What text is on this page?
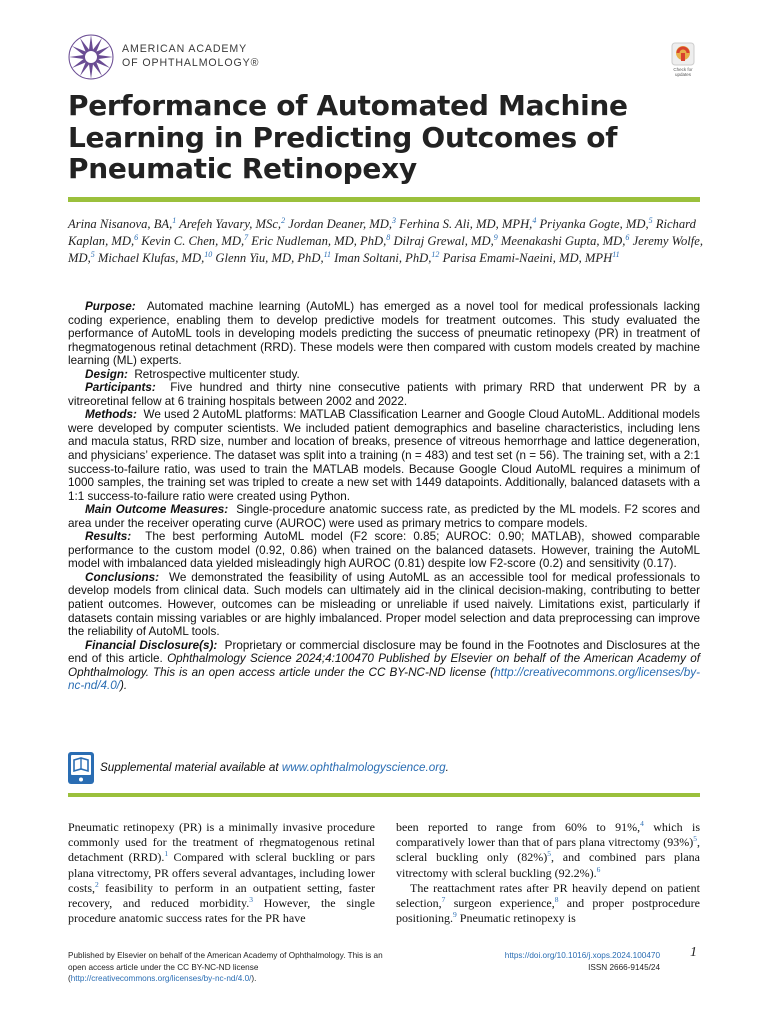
AMERICAN ACADEMY
OF OPHTHALMOLOGY®
Check for updates
Performance of Automated Machine Learning in Predicting Outcomes of Pneumatic Retinopexy
Arina Nisanova, BA,$^1$ Arefeh Yavary, MSc,$^2$ Jordan Deaner, MD,$^3$ Ferhina S. Ali, MD, MPH,$^4$ Priyanka Gogte, MD,$^5$ Richard Kaplan, MD,$^6$ Kevin C. Chen, MD,$^7$ Eric Nudleman, MD, PhD,$^8$ Dilraj Grewal, MD,$^9$ Meenakashi Gupta, MD,$^6$ Jeremy Wolfe, MD,$^5$ Michael Klufas, MD,$^{10}$ Glenn Yiu, MD, PhD,$^{11}$ Iman Soltani, PhD,$^{12}$ Parisa Emami-Naeini, MD, MPH$^{11}$

Purpose: Automated machine learning (AutoML) has emerged as a novel tool for medical professionals lacking coding experience, enabling them to develop predictive models for treatment outcomes. This study evaluated the performance of AutoML tools in developing models predicting the success of pneumatic retinopexy (PR) in treatment of rhegmatogenous retinal detachment (RRD). These models were then compared with custom models created by machine learning (ML) experts.

Design: Retrospective multicenter study.

Participants: Five hundred and thirty nine consecutive patients with primary RRD that underwent PR by a vitreoretinal fellow at 6 training hospitals between 2002 and 2022.

Methods: We used 2 AutoML platforms: MATLAB Classification Learner and Google Cloud AutoML. Additional models were developed by computer scientists. We included patient demographics and baseline characteristics, including lens and macula status, RRD size, number and location of breaks, presence of vitreous hemorrhage and lattice degeneration, and physicians’ experience. The dataset was split into a training (n = 483) and test set (n = 56). The training set, with a 2:1 success-to-failure ratio, was used to train the MATLAB models. Because Google Cloud AutoML requires a minimum of 1000 samples, the training set was tripled to create a new set with 1449 datapoints. Additionally, balanced datasets with a 1:1 success-to-failure ratio were created using Python.

Main Outcome Measures: Single-procedure anatomic success rate, as predicted by the ML models. F2 scores and area under the receiver operating curve (AUROC) were used as primary metrics to compare models.

Results: The best performing AutoML model (F2 score: 0.85; AUROC: 0.90; MATLAB), showed comparable performance to the custom model (0.92, 0.86) when trained on the balanced datasets. However, training the AutoML model with imbalanced data yielded misleadingly high AUROC (0.81) despite low F2-score (0.2) and sensitivity (0.17).

Conclusions: We demonstrated the feasibility of using AutoML as an accessible tool for medical professionals to develop models from clinical data. Such models can ultimately aid in the clinical decision-making, contributing to better patient outcomes. However, outcomes can be misleading or unreliable if used naively. Limitations exist, particularly if datasets contain missing variables or are highly imbalanced. Proper model selection and data preprocessing can improve the reliability of AutoML tools.

Financial Disclosure(s): Proprietary or commercial disclosure may be found in the Footnotes and Disclosures at the end of this article. Ophthalmology Science 2024;4:100470 Published by Elsevier on behalf of the American Academy of Ophthalmology. This is an open access article under the CC BY-NC-ND license (http://creativecommons.org/licenses/by-nc-nd/4.0/).

Supplemental material available at www.ophthalmologyscience.org.

Pneumatic retinopexy (PR) is a minimally invasive procedure commonly used for the treatment of rhegmatogenous retinal detachment (RRD).$^1$ Compared with scleral buckling or pars plana vitrectomy, PR offers several advantages, including lower costs,$^2$ feasibility to perform in an outpatient setting, faster recovery, and reduced morbidity.$^3$ However, the single procedure anatomic success rates for the PR have

been reported to range from 60% to 91%,$^4$ which is comparatively lower than that of pars plana vitrectomy $(93\%)^5$, scleral buckling only $(82\%)^5$, and combined pars plana vitrectomy with scleral buckling (92.2%).$^6$

The reattachment rates after PR heavily depend on patient selection,$^7$ surgeon experience,$^8$ and proper postprocedure positioning.$^9$ Pneumatic retinopexy is

Published by Elsevier on behalf of the American Academy of Ophthalmology. This is an open access article under the CC BY-NC-ND license (http://creativecommons.org/licenses/by-nc-nd/4.0/).
https://doi.org/10.1016/j.xops.2024.100470
ISSN 2666-9145/24
1
